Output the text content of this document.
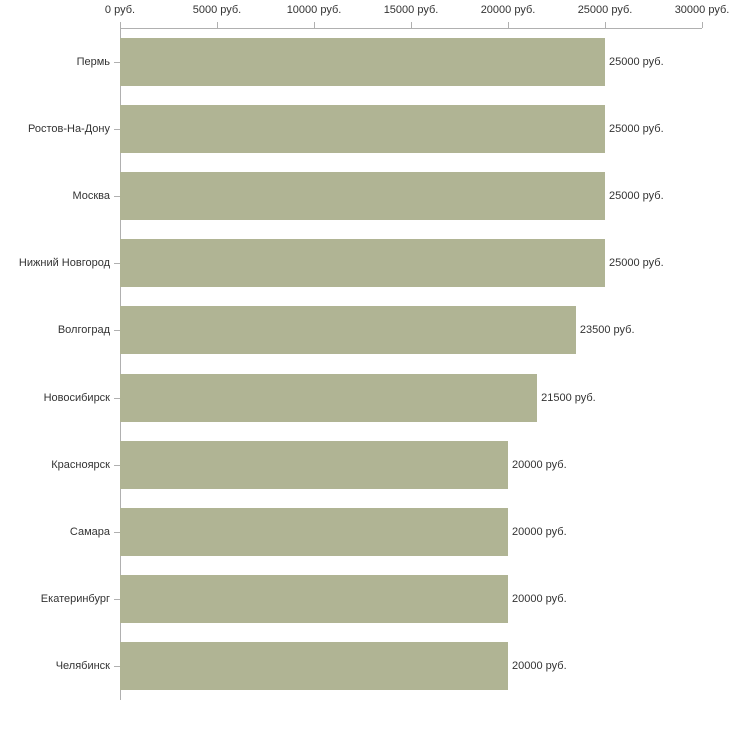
0 руб.	5000 руб.	10000 руб.	15000 руб.	20000 руб.	25000 руб.	30000 руб.
25000 руб.
Пермь
25000 руб.
Ростов-На-Дону
25000 руб.
Москва
25000 руб.
Нижний Новгород
23500 руб.
Волгоград
21500 руб.
Новосибирск
20000 руб.
Красноярск
20000 руб.
Самара
20000 руб.
Екатеринбург
20000 руб.
Челябинск
